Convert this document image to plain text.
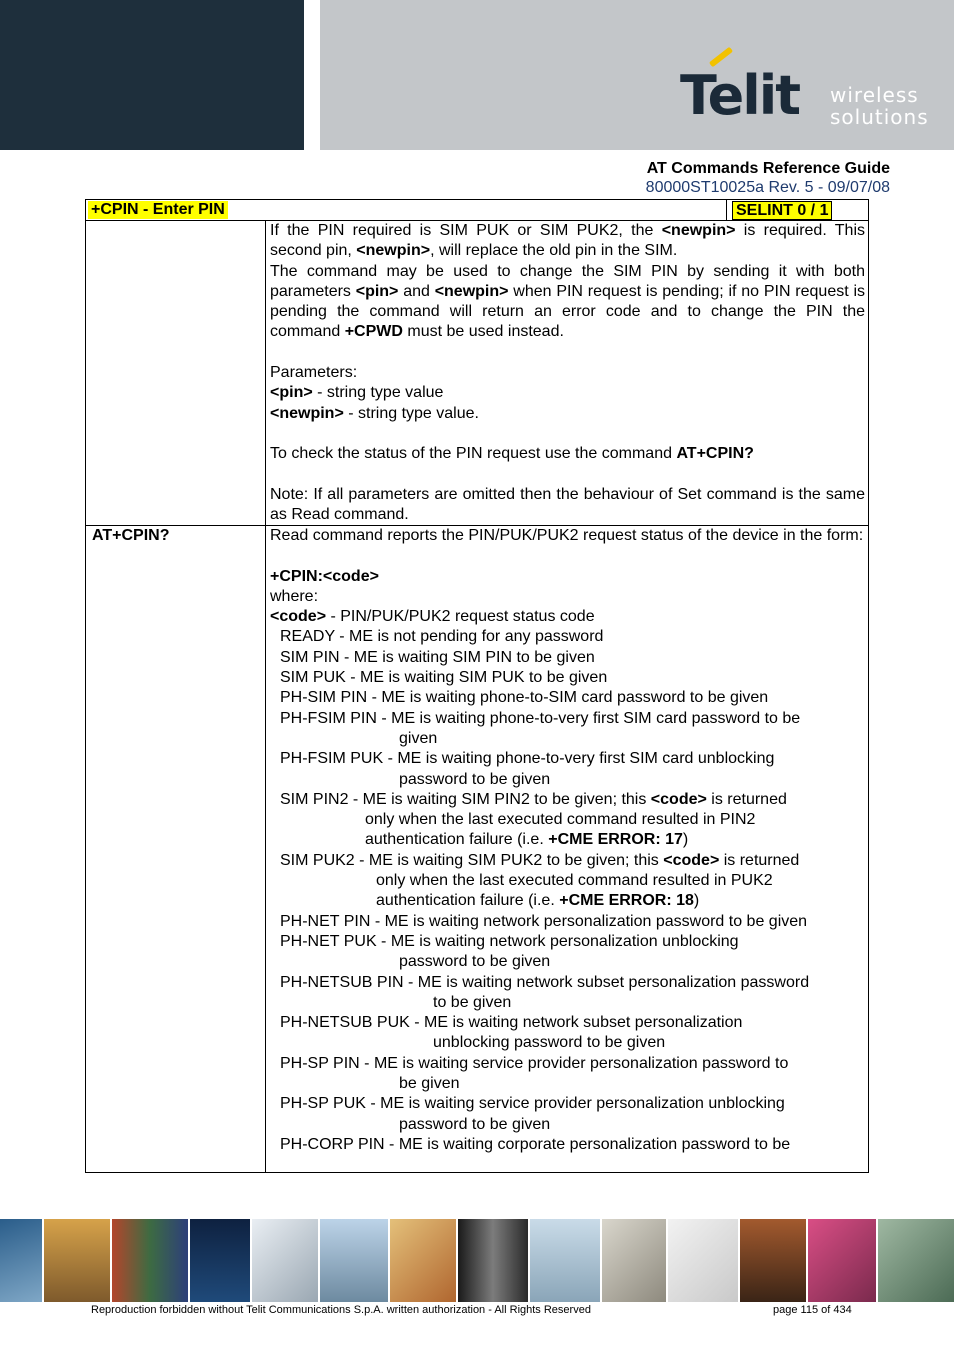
Telit wireless
solutions
AT Commands Reference Guide
80000ST10025a Rev. 5 - 09/07/08
+CPIN - Enter PIN	SELINT 0 / 1

If the PIN required is SIM PUK or SIM PUK2, the <newpin> is required. This second pin, <newpin>, will replace the old pin in the SIM.

The command may be used to change the SIM PIN by sending it with both parameters <pin> and <newpin> when PIN request is pending; if no PIN request is pending the command will return an error code and to change the PIN the command +CPWD must be used instead.

Parameters:

<pin> - string type value

<newpin> - string type value.

To check the status of the PIN request use the command AT+CPIN?

Note: If all parameters are omitted then the behaviour of Set command is the same as Read command.

AT+CPIN?	Read command reports the PIN/PUK/PUK2 request status of the device in the form:

+CPIN:<code>

where:

<code> - PIN/PUK/PUK2 request status code

READY - ME is not pending for any password

SIM PIN - ME is waiting SIM PIN to be given

SIM PUK - ME is waiting SIM PUK to be given

PH-SIM PIN - ME is waiting phone-to-SIM card password to be given

PH-FSIM PIN - ME is waiting phone-to-very first SIM card password to be

given

PH-FSIM PUK - ME is waiting phone-to-very first SIM card unblocking

password to be given

SIM PIN2 - ME is waiting SIM PIN2 to be given; this <code> is returned

only when the last executed command resulted in PIN2

authentication failure (i.e. +CME ERROR: 17)

SIM PUK2 - ME is waiting SIM PUK2 to be given; this <code> is returned

only when the last executed command resulted in PUK2

authentication failure (i.e. +CME ERROR: 18)

PH-NET PIN - ME is waiting network personalization password to be given

PH-NET PUK - ME is waiting network personalization unblocking

password to be given

PH-NETSUB PIN - ME is waiting network subset personalization password

to be given

PH-NETSUB PUK - ME is waiting network subset personalization

unblocking password to be given

PH-SP PIN - ME is waiting service provider personalization password to

be given

PH-SP PUK - ME is waiting service provider personalization unblocking

password to be given

PH-CORP PIN - ME is waiting corporate personalization password to be

Reproduction forbidden without Telit Communications S.p.A. written authorization - All Rights Reserved	page 115 of 434
